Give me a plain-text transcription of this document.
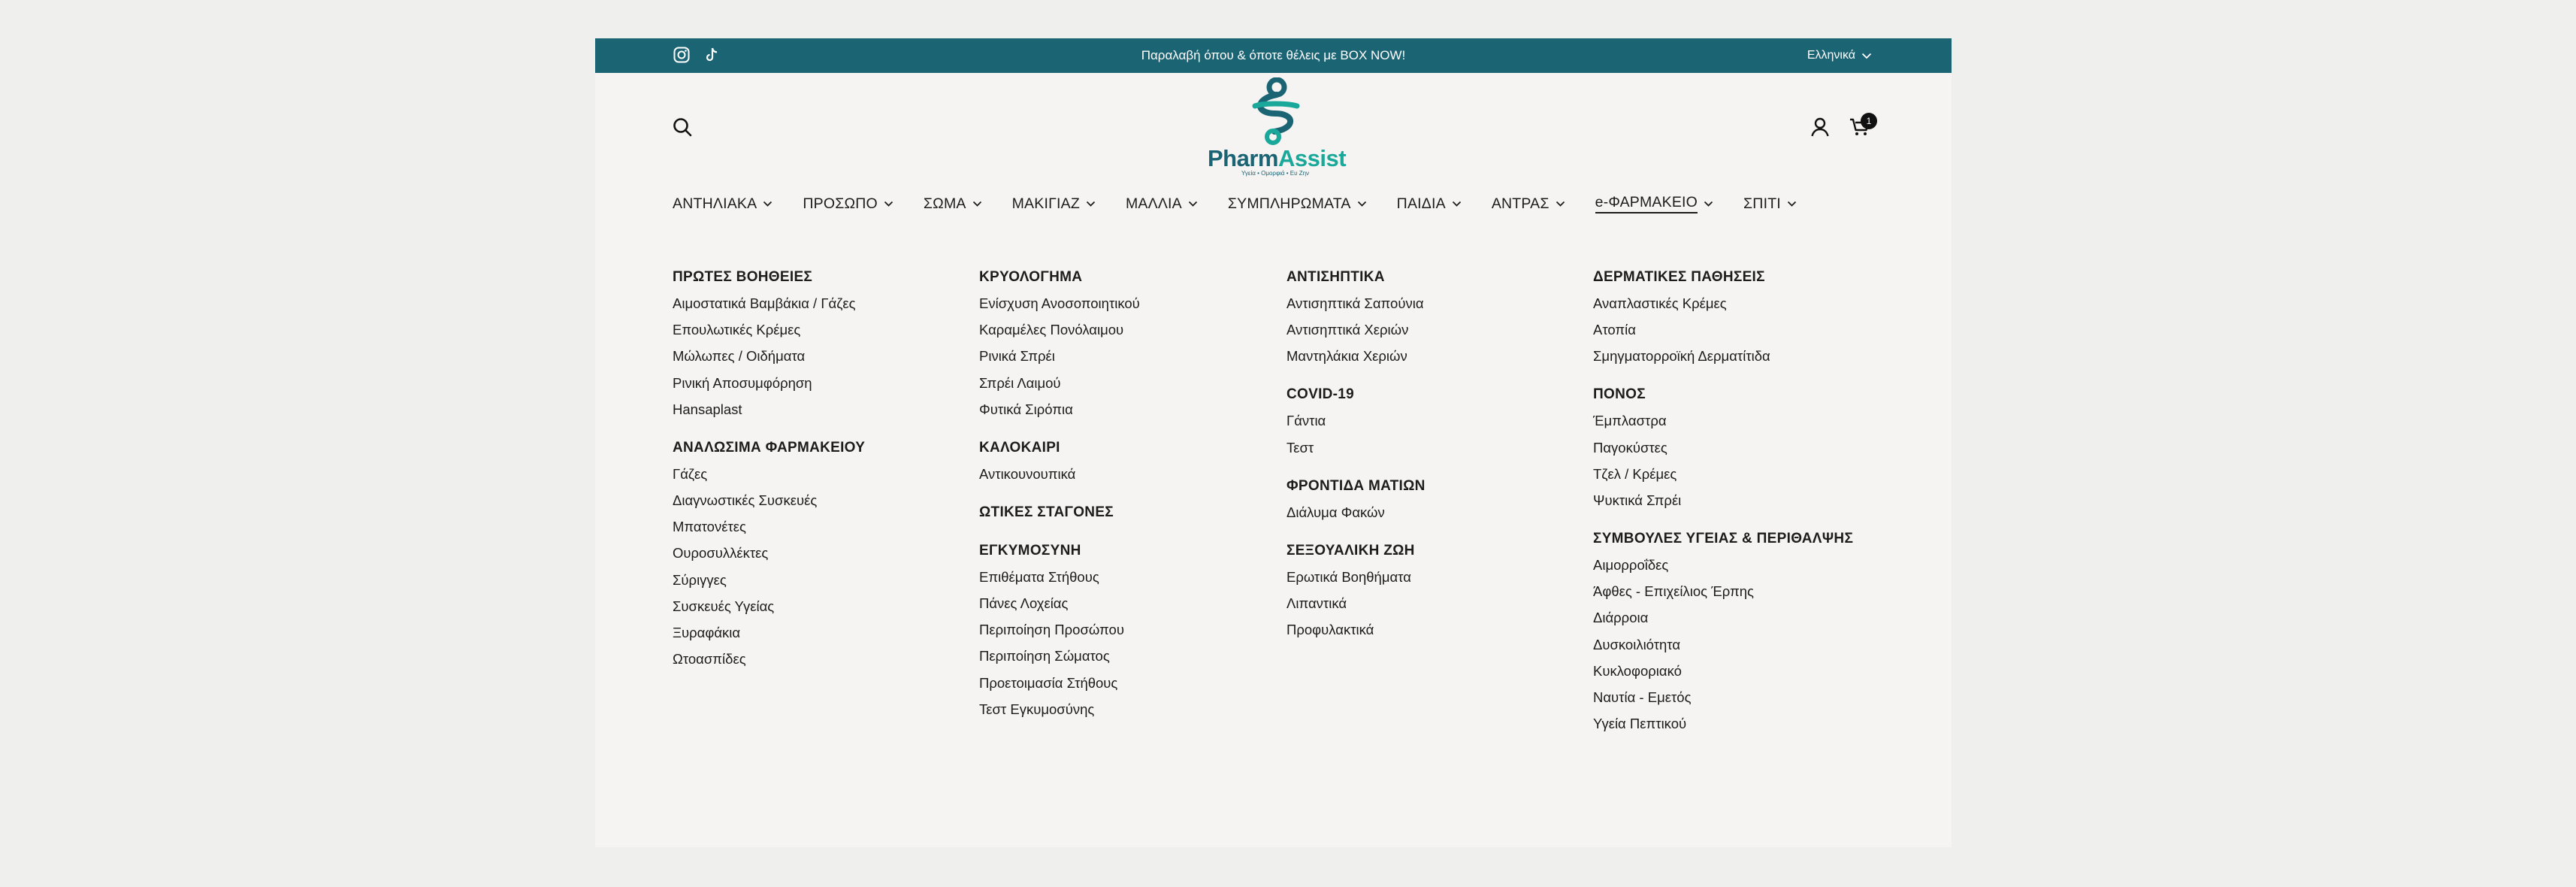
Παραλαβή όπου & όποτε θέλεις με BOX NOW!	Ελληνικά
PharmAssist
Υγεία • Ομορφιά • Ευ Ζην
1
ΑΝΤΗΛΙΑΚΑ	ΠΡΟΣΩΠΟ	ΣΩΜΑ	ΜΑΚΙΓΙΑΖ	ΜΑΛΛΙΑ	ΣΥΜΠΛΗΡΩΜΑΤΑ	ΠΑΙΔΙΑ	ΑΝΤΡΑΣ	e-ΦΑΡΜΑΚΕΙΟ	ΣΠΙΤΙ
ΠΡΩΤΕΣ ΒΟΗΘΕΙΕΣ
Αιμοστατικά Βαμβάκια / Γάζες
Επουλωτικές Κρέμες
Μώλωπες / Οιδήματα
Ρινική Αποσυμφόρηση
Hansaplast
ΑΝΑΛΩΣΙΜΑ ΦΑΡΜΑΚΕΙΟΥ
Γάζες
Διαγνωστικές Συσκευές
Μπατονέτες
Ουροσυλλέκτες
Σύριγγες
Συσκευές Υγείας
Ξυραφάκια
Ωτοασπίδες
ΚΡΥΟΛΟΓΗΜΑ
Ενίσχυση Ανοσοποιητικού
Καραμέλες Πονόλαιμου
Ρινικά Σπρέι
Σπρέι Λαιμού
Φυτικά Σιρόπια
ΚΑΛΟΚΑΙΡΙ
Αντικουνουπικά
ΩΤΙΚΕΣ ΣΤΑΓΟΝΕΣ
ΕΓΚΥΜΟΣΥΝΗ
Επιθέματα Στήθους
Πάνες Λοχείας
Περιποίηση Προσώπου
Περιποίηση Σώματος
Προετοιμασία Στήθους
Τεστ Εγκυμοσύνης
ΑΝΤΙΣΗΠΤΙΚΑ
Αντισηπτικά Σαπούνια
Αντισηπτικά Χεριών
Μαντηλάκια Χεριών
COVID-19
Γάντια
Τεστ
ΦΡΟΝΤΙΔΑ ΜΑΤΙΩΝ
Διάλυμα Φακών
ΣΕΞΟΥΑΛΙΚΗ ΖΩΗ
Ερωτικά Βοηθήματα
Λιπαντικά
Προφυλακτικά
ΔΕΡΜΑΤΙΚΕΣ ΠΑΘΗΣΕΙΣ
Αναπλαστικές Κρέμες
Ατοπία
Σμηγματορροϊκή Δερματίτιδα
ΠΟΝΟΣ
Έμπλαστρα
Παγοκύστες
Τζελ / Κρέμες
Ψυκτικά Σπρέι
ΣΥΜΒΟΥΛΕΣ ΥΓΕΙΑΣ & ΠΕΡΙΘΑΛΨΗΣ
Αιμορροΐδες
Άφθες - Επιχείλιος Έρπης
Διάρροια
Δυσκοιλιότητα
Κυκλοφοριακό
Ναυτία - Εμετός
Υγεία Πεπτικού
